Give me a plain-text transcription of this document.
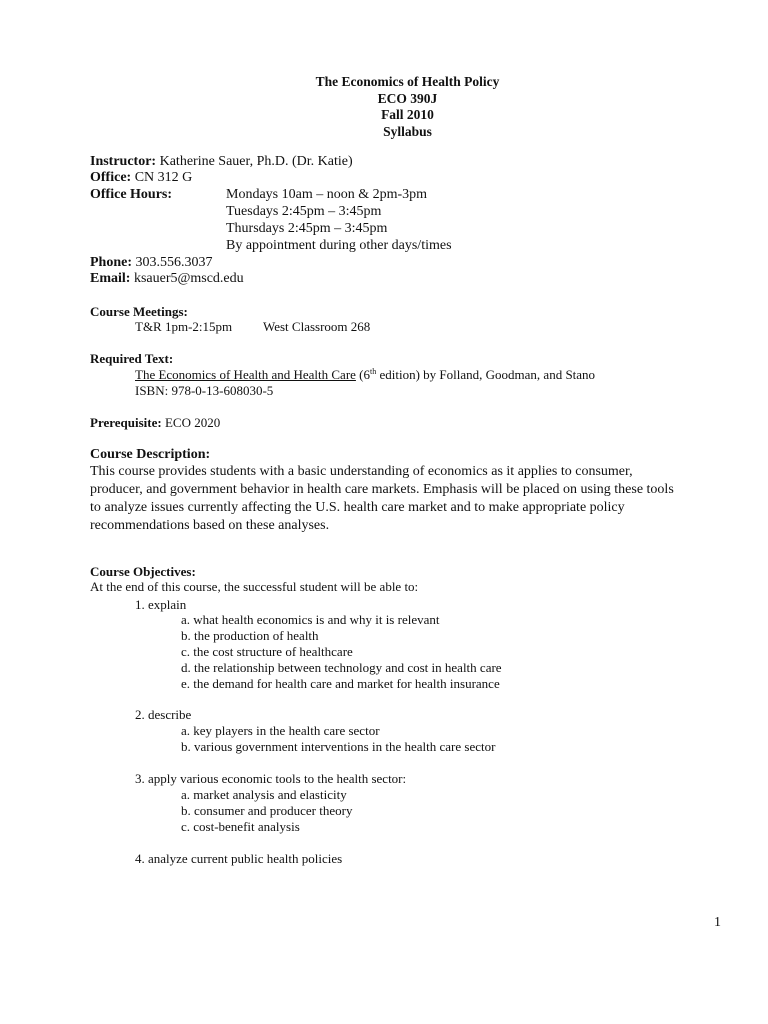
The Economics of Health Policy
ECO 390J
Fall 2010
Syllabus
Instructor: Katherine Sauer, Ph.D. (Dr. Katie)
Office: CN 312 G
Office Hours:	Mondays 10am – noon & 2pm-3pm
Tuesdays 2:45pm – 3:45pm
Thursdays 2:45pm – 3:45pm
By appointment during other days/times
Phone: 303.556.3037
Email: ksauer5@mscd.edu
Course Meetings:
T&R 1pm-2:15pm West Classroom 268
Required Text:
The Economics of Health and Health Care (6th edition) by Folland, Goodman, and Stano
ISBN: 978-0-13-608030-5
Prerequisite: ECO 2020
Course Description:
This course provides students with a basic understanding of economics as it applies to consumer,
producer, and government behavior in health care markets. Emphasis will be placed on using these tools
to analyze issues currently affecting the U.S. health care market and to make appropriate policy
recommendations based on these analyses.
Course Objectives:
At the end of this course, the successful student will be able to:
1. explain
a. what health economics is and why it is relevant
b. the production of health
c. the cost structure of healthcare
d. the relationship between technology and cost in health care
e. the demand for health care and market for health insurance
2. describe
a. key players in the health care sector
b. various government interventions in the health care sector
3. apply various economic tools to the health sector:
a. market analysis and elasticity
b. consumer and producer theory
c. cost-benefit analysis
4. analyze current public health policies
1
